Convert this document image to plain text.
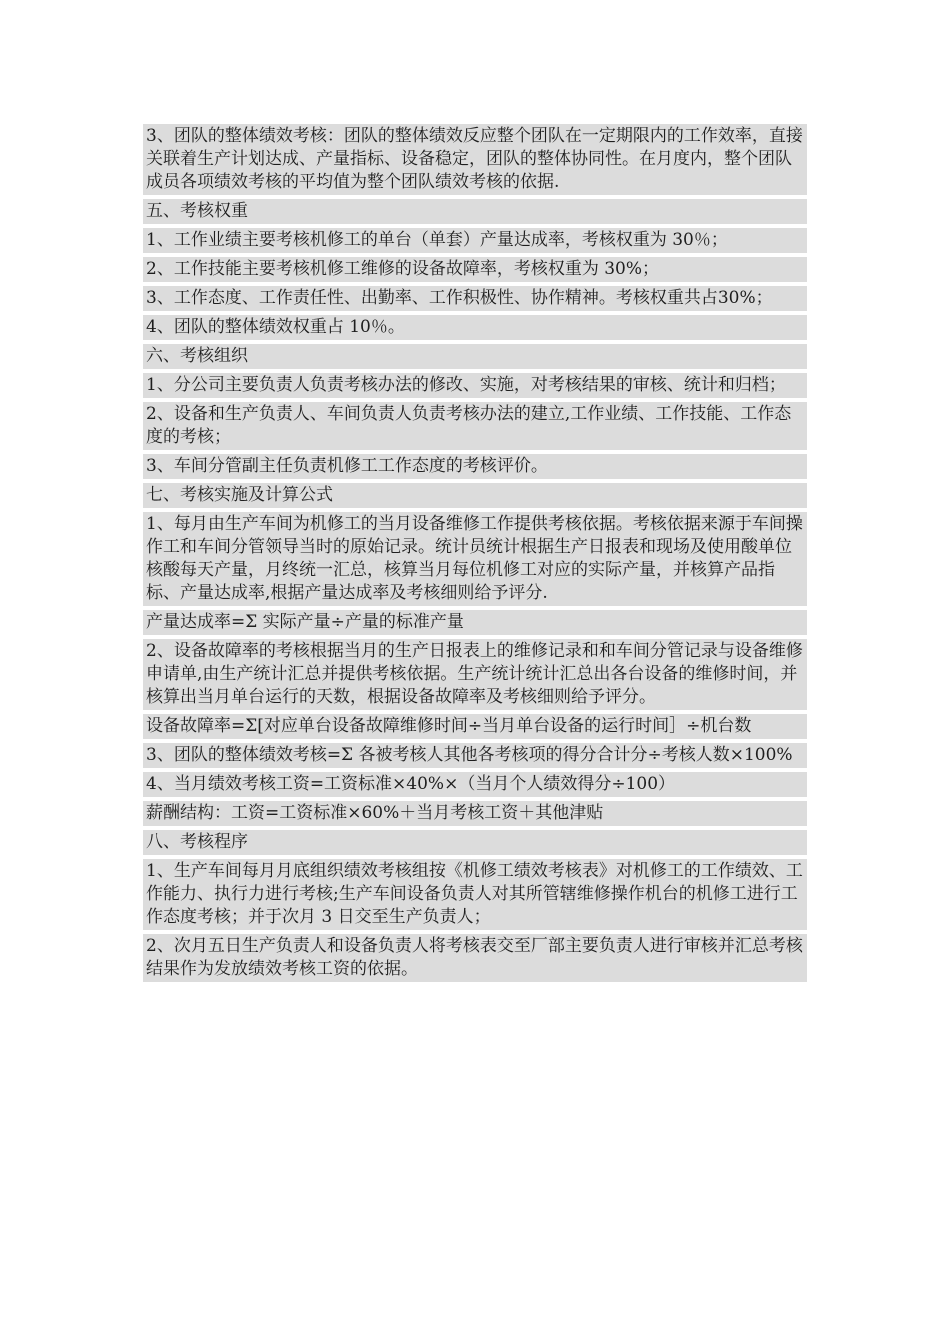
3、团队的整体绩效考核：团队的整体绩效反应整个团队在一定期限内的工作效率，直接关联着生产计划达成、产量指标、设备稳定，团队的整体协同性。在月度内，整个团队成员各项绩效考核的平均值为整个团队绩效考核的依据.

五、考核权重

1、工作业绩主要考核机修工的单台（单套）产量达成率，考核权重为 30％；

2、工作技能主要考核机修工维修的设备故障率，考核权重为 30%；

3、工作态度、工作责任性、出勤率、工作积极性、协作精神。考核权重共占30%；

4、团队的整体绩效权重占 10％。

六、考核组织

1、分公司主要负责人负责考核办法的修改、实施，对考核结果的审核、统计和归档；

2、设备和生产负责人、车间负责人负责考核办法的建立,工作业绩、工作技能、工作态度的考核；

3、车间分管副主任负责机修工工作态度的考核评价。

七、考核实施及计算公式

1、每月由生产车间为机修工的当月设备维修工作提供考核依据。考核依据来源于车间操作工和车间分管领导当时的原始记录。统计员统计根据生产日报表和现场及使用酸单位核酸每天产量，月终统一汇总，核算当月每位机修工对应的实际产量，并核算产品指标、产量达成率,根据产量达成率及考核细则给予评分.

产量达成率=Σ 实际产量÷产量的标准产量

2、设备故障率的考核根据当月的生产日报表上的维修记录和和车间分管记录与设备维修申请单,由生产统计汇总并提供考核依据。生产统计统计汇总出各台设备的维修时间，并核算出当月单台运行的天数，根据设备故障率及考核细则给予评分。

设备故障率=Σ[对应单台设备故障维修时间÷当月单台设备的运行时间］÷机台数

3、团队的整体绩效考核=Σ 各被考核人其他各考核项的得分合计分÷考核人数×100%

4、当月绩效考核工资=工资标准×40%×（当月个人绩效得分÷100）

薪酬结构：工资=工资标准×60%＋当月考核工资＋其他津贴

八、考核程序

1、生产车间每月月底组织绩效考核组按《机修工绩效考核表》对机修工的工作绩效、工作能力、执行力进行考核;生产车间设备负责人对其所管辖维修操作机台的机修工进行工作态度考核；并于次月 3 日交至生产负责人；

2、次月五日生产负责人和设备负责人将考核表交至厂部主要负责人进行审核并汇总考核结果作为发放绩效考核工资的依据。
